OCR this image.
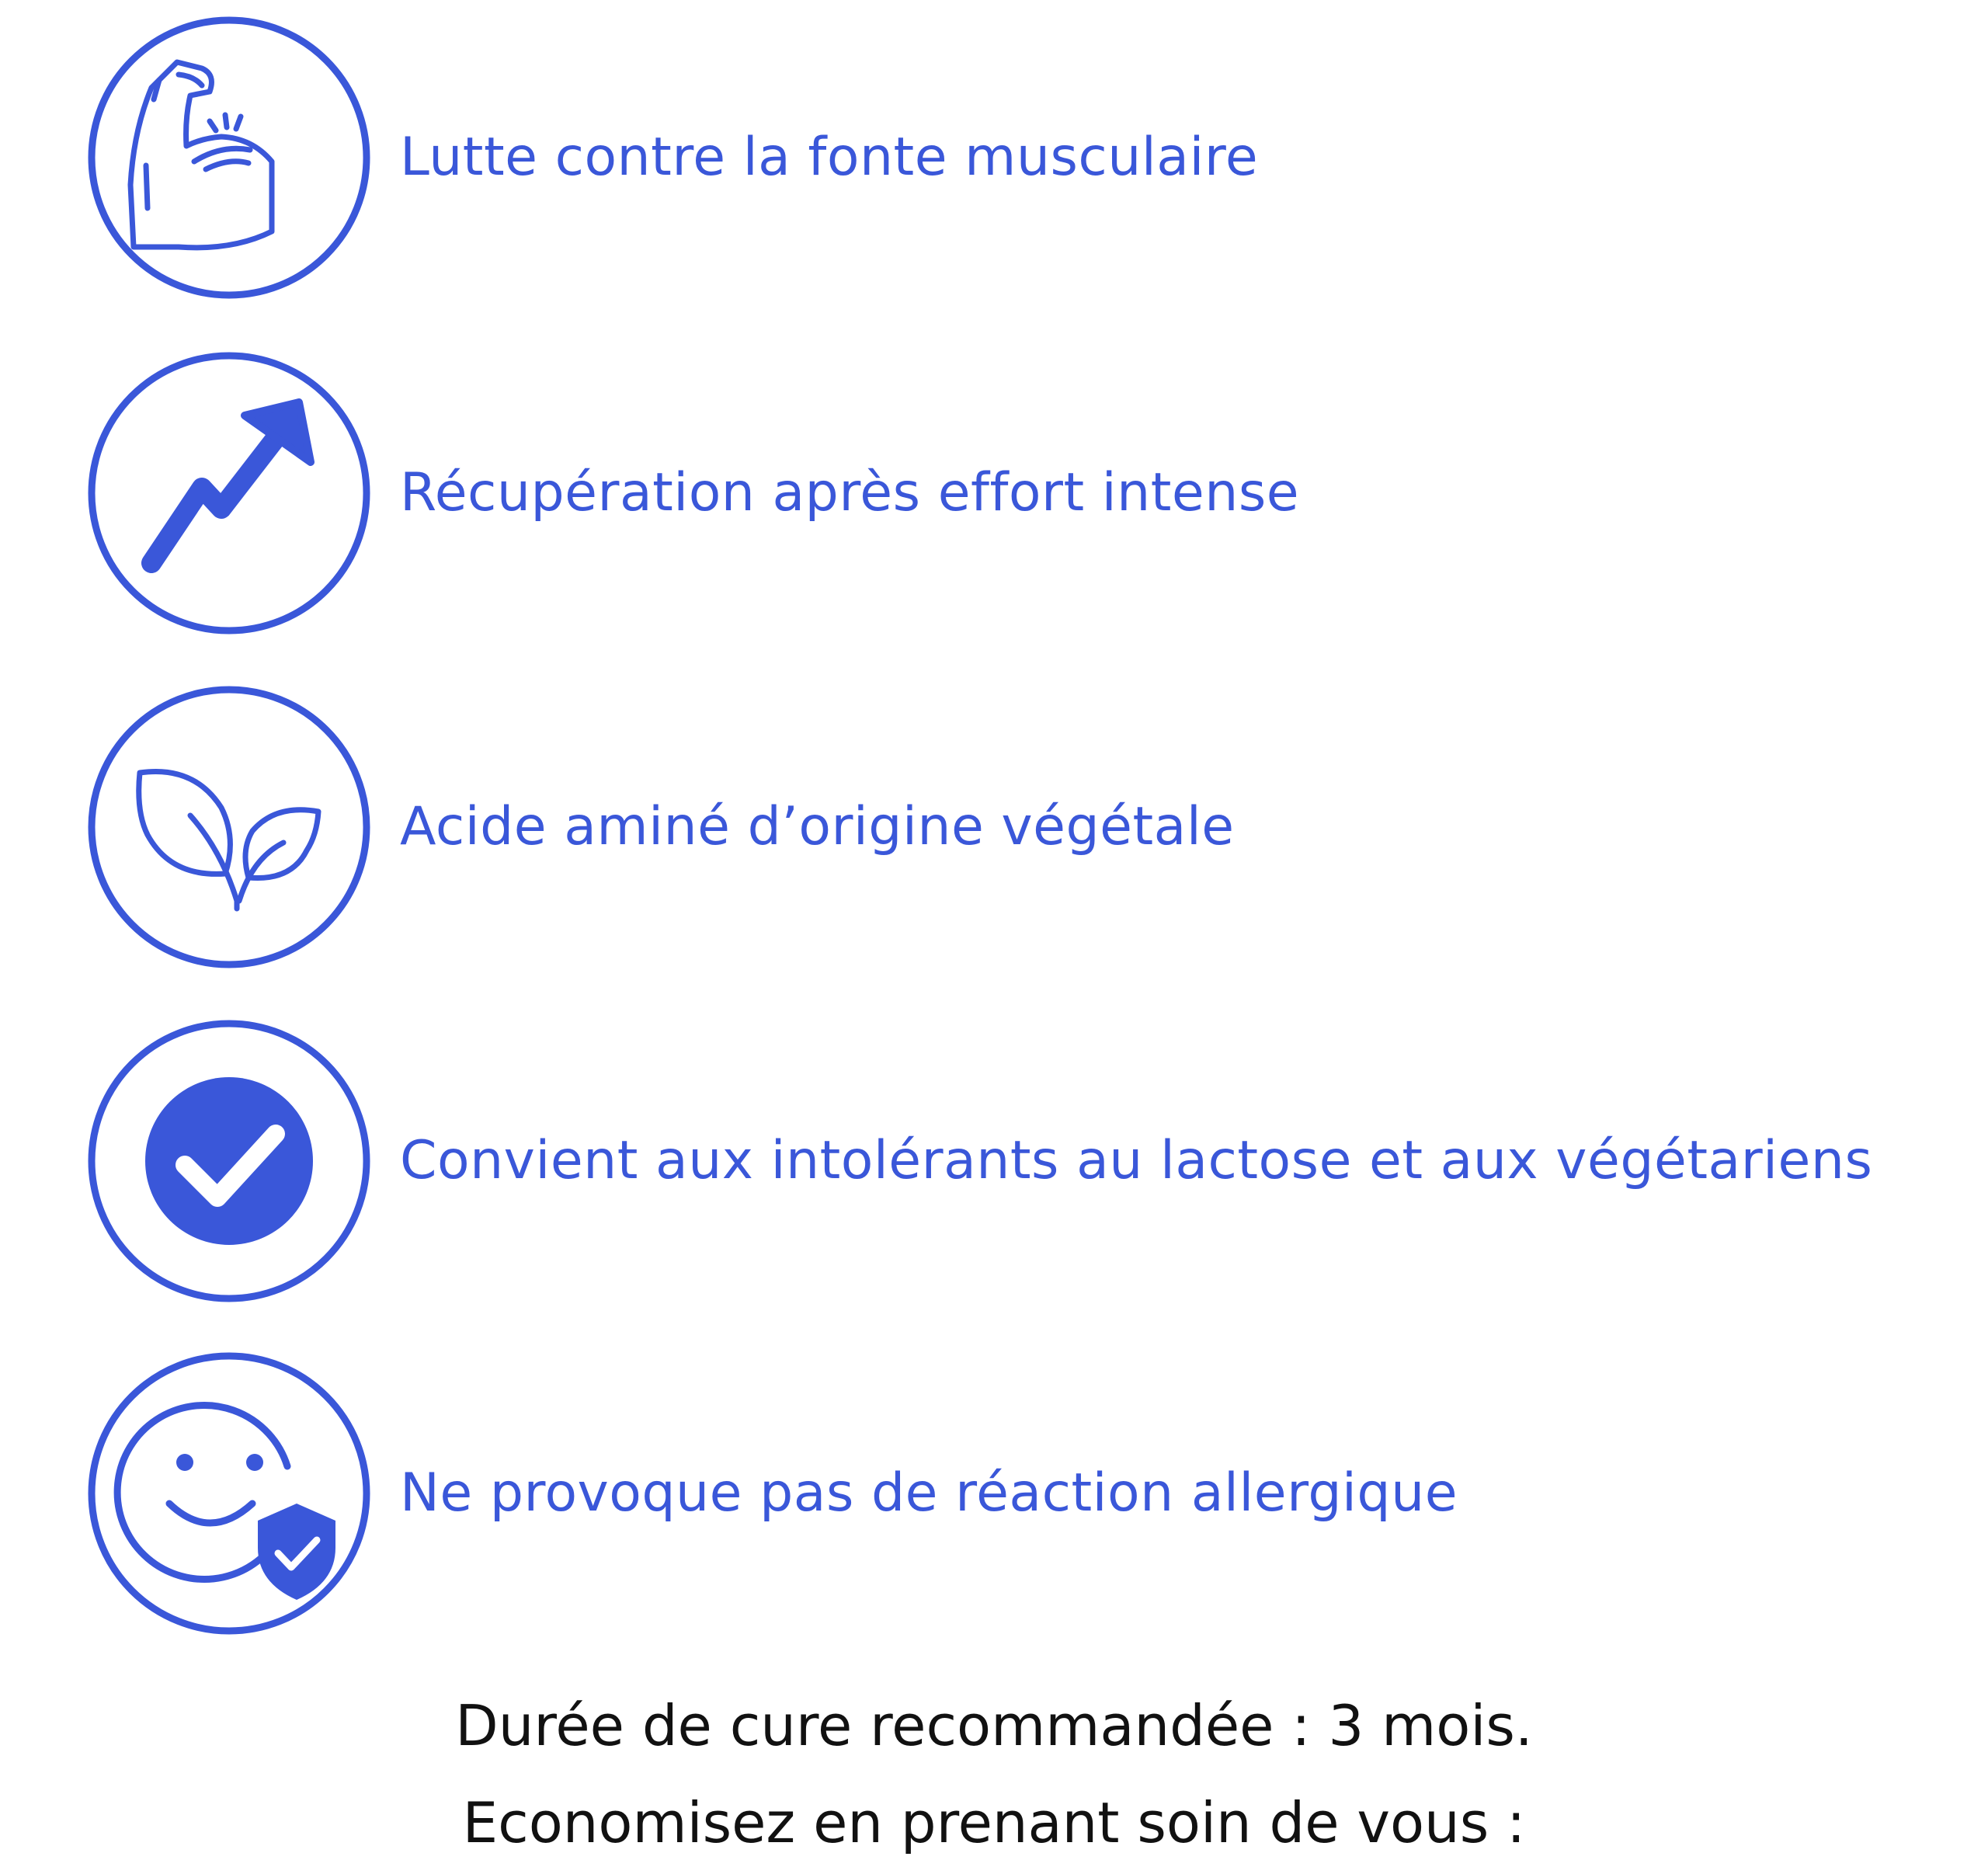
Lutte contre la fonte musculaire
Récupération après effort intense
Acide aminé d’origine végétale
Convient aux intolérants au lactose et aux végétariens
Ne provoque pas de réaction allergique
Durée de cure recommandée : 3 mois.
Economisez en prenant soin de vous :
